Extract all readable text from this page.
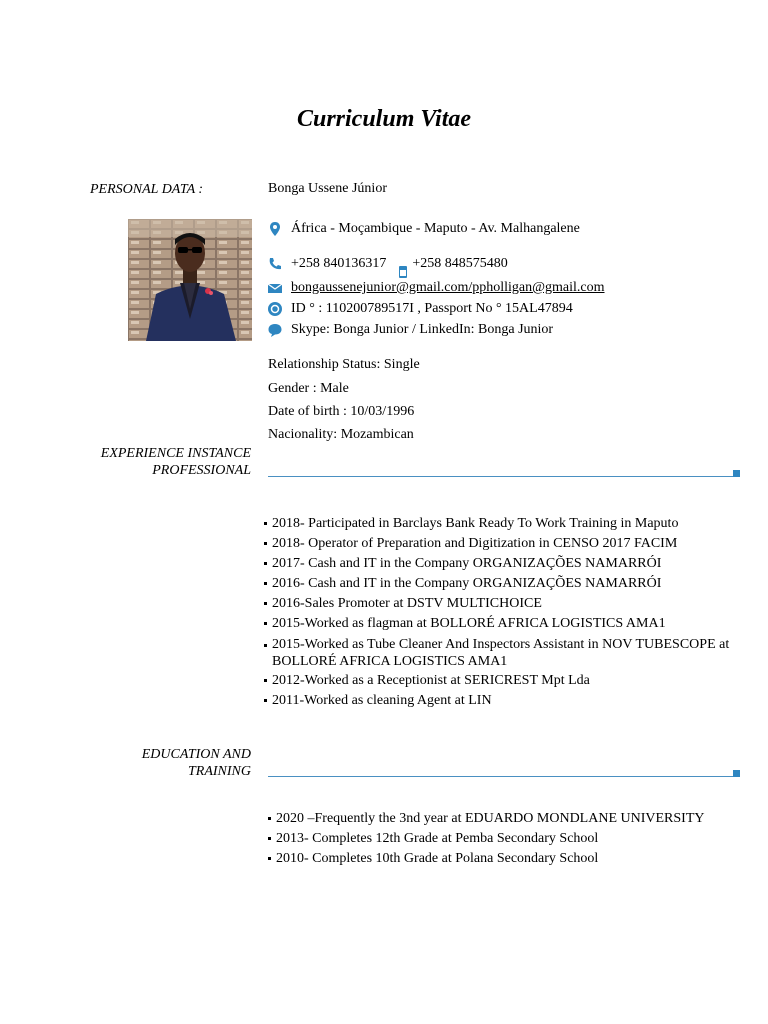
Curriculum Vitae
PERSONAL DATA :	Bonga Ussene Júnior
África - Moçambique - Maputo - Av. Malhangalene
+258 840136317 +258 848575480
bongaussenejunior@gmail.com/ppholligan@gmail.com
ID ° : 110200789517I , Passport No ° 15AL47894
Skype: Bonga Junior / LinkedIn: Bonga Junior
Relationship Status: Single
Gender : Male
Date of birth : 10/03/1996
Nacionality: Mozambican
EXPERIENCE INSTANCE
PROFESSIONAL
2018- Participated in Barclays Bank Ready To Work Training in Maputo
2018- Operator of Preparation and Digitization in CENSO 2017 FACIM
2017- Cash and IT in the Company ORGANIZAÇÕES NAMARRÓI
2016- Cash and IT in the Company ORGANIZAÇÕES NAMARRÓI
2016-Sales Promoter at DSTV MULTICHOICE
2015-Worked as flagman at BOLLORÉ AFRICA LOGISTICS AMA1
2015-Worked as Tube Cleaner And Inspectors Assistant in NOV TUBESCOPE at BOLLORÉ AFRICA LOGISTICS AMA1
2012-Worked as a Receptionist at SERICREST Mpt Lda
2011-Worked as cleaning Agent at LIN
EDUCATION AND
TRAINING
2020 –Frequently the 3nd year at EDUARDO MONDLANE UNIVERSITY
2013- Completes 12th Grade at Pemba Secondary School
2010- Completes 10th Grade at Polana Secondary School
